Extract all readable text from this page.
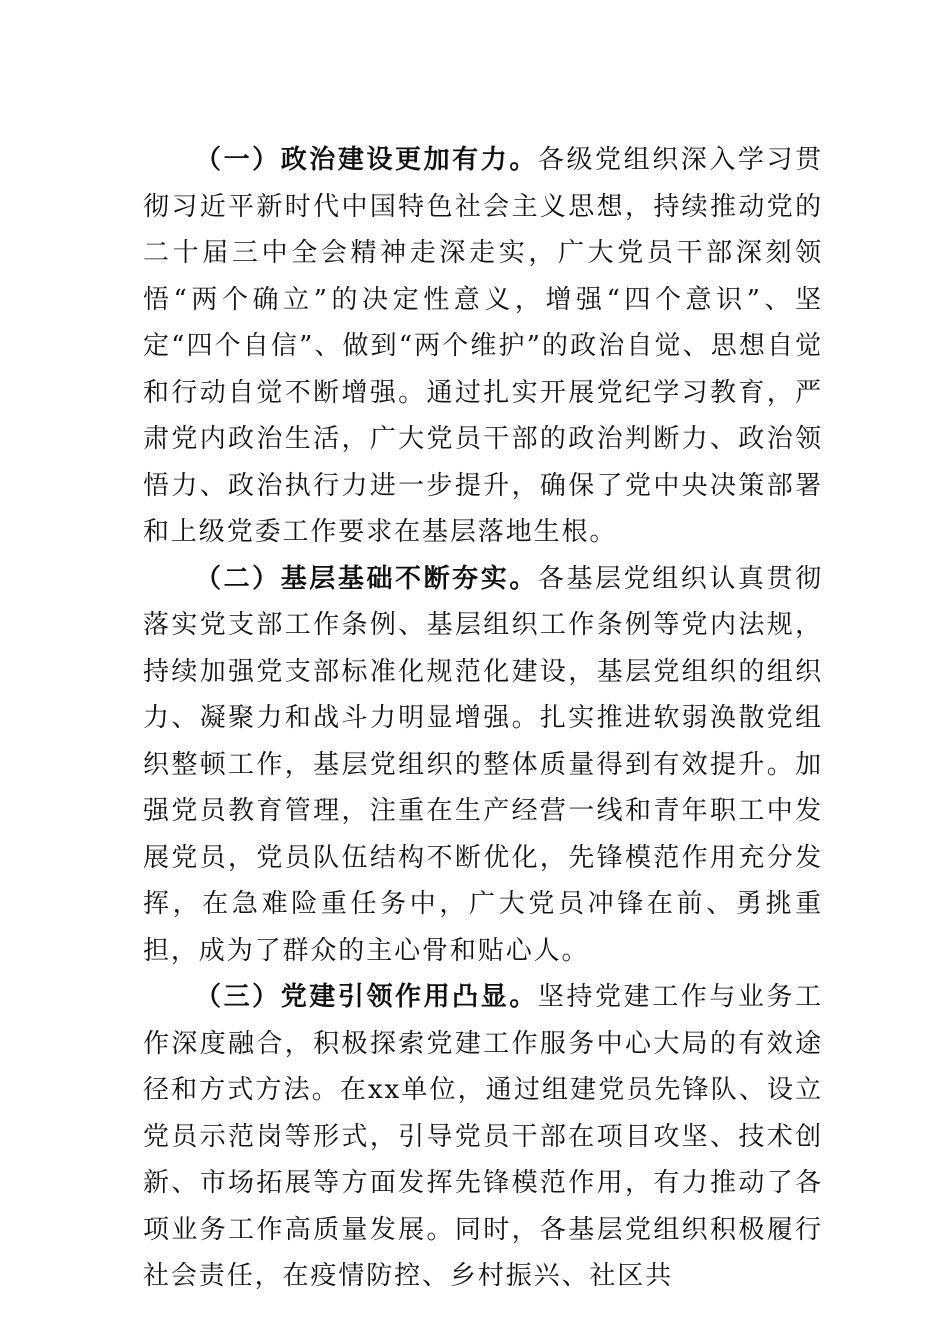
（一）政治建设更加有力。各级党组织深入学习贯彻习近平新时代中国特色社会主义思想，持续推动党的二十届三中全会精神走深走实，广大党员干部深刻领悟“两个确立”的决定性意义，增强“四个意识”、坚定“四个自信”、做到“两个维护”的政治自觉、思想自觉和行动自觉不断增强。通过扎实开展党纪学习教育，严肃党内政治生活，广大党员干部的政治判断力、政治领悟力、政治执行力进一步提升，确保了党中央决策部署和上级党委工作要求在基层落地生根。

（二）基层基础不断夯实。各基层党组织认真贯彻落实党支部工作条例、基层组织工作条例等党内法规，持续加强党支部标准化规范化建设，基层党组织的组织力、凝聚力和战斗力明显增强。扎实推进软弱涣散党组织整顿工作，基层党组织的整体质量得到有效提升。加强党员教育管理，注重在生产经营一线和青年职工中发展党员，党员队伍结构不断优化，先锋模范作用充分发挥，在急难险重任务中，广大党员冲锋在前、勇挑重担，成为了群众的主心骨和贴心人。

（三）党建引领作用凸显。坚持党建工作与业务工作深度融合，积极探索党建工作服务中心大局的有效途径和方式方法。在xx单位，通过组建党员先锋队、设立党员示范岗等形式，引导党员干部在项目攻坚、技术创新、市场拓展等方面发挥先锋模范作用，有力推动了各项业务工作高质量发展。同时，各基层党组织积极履行社会责任，在疫情防控、乡村振兴、社区共
